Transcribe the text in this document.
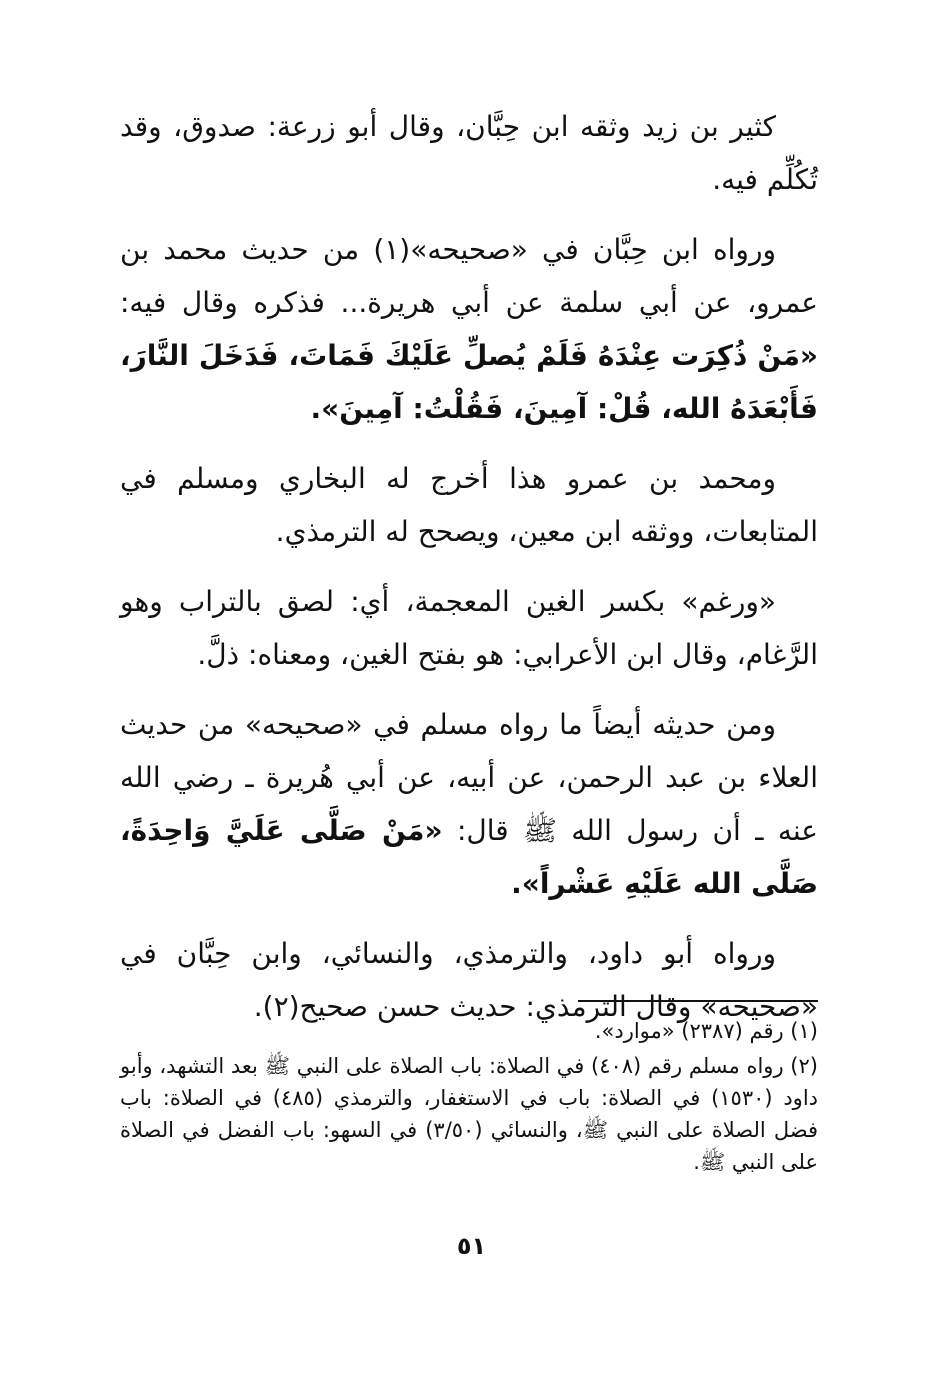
كثير بن زيد وثقه ابن حِبَّان، وقال أبو زرعة: صدوق، وقد تُكُلِّم فيه.

ورواه ابن حِبَّان في «صحيحه»(١) من حديث محمد بن عمرو، عن أبي سلمة عن أبي هريرة... فذكره وقال فيه: «مَنْ ذُكِرَت عِنْدَهُ فَلَمْ يُصلِّ عَلَيْكَ فَمَاتَ، فَدَخَلَ النَّارَ، فَأَبْعَدَهُ الله، قُلْ: آمِينَ، فَقُلْتُ: آمِينَ».

ومحمد بن عمرو هذا أخرج له البخاري ومسلم في المتابعات، ووثقه ابن معين، ويصحح له الترمذي.

«ورغم» بكسر الغين المعجمة، أي: لصق بالتراب وهو الرَّغام، وقال ابن الأعرابي: هو بفتح الغين، ومعناه: ذلَّ.

ومن حديثه أيضاً ما رواه مسلم في «صحيحه» من حديث العلاء بن عبد الرحمن، عن أبيه، عن أبي هُريرة ـ رضي الله عنه ـ أن رسول الله ﷺ قال: «مَنْ صَلَّى عَلَيَّ وَاحِدَةً، صَلَّى الله عَلَيْهِ عَشْراً».

ورواه أبو داود، والترمذي، والنسائي، وابن حِبَّان في «صحيحه» وقال الترمذي: حديث حسن صحيح(٢).

(١) رقم (٢٣٨٧) «موارد».

(٢) رواه مسلم رقم (٤٠٨) في الصلاة: باب الصلاة على النبي ﷺ بعد التشهد، وأبو داود (١٥٣٠) في الصلاة: باب في الاستغفار، والترمذي (٤٨٥) في الصلاة: باب فضل الصلاة على النبي ﷺ، والنسائي (٣/٥٠) في السهو: باب الفضل في الصلاة على النبي ﷺ.

٥١
